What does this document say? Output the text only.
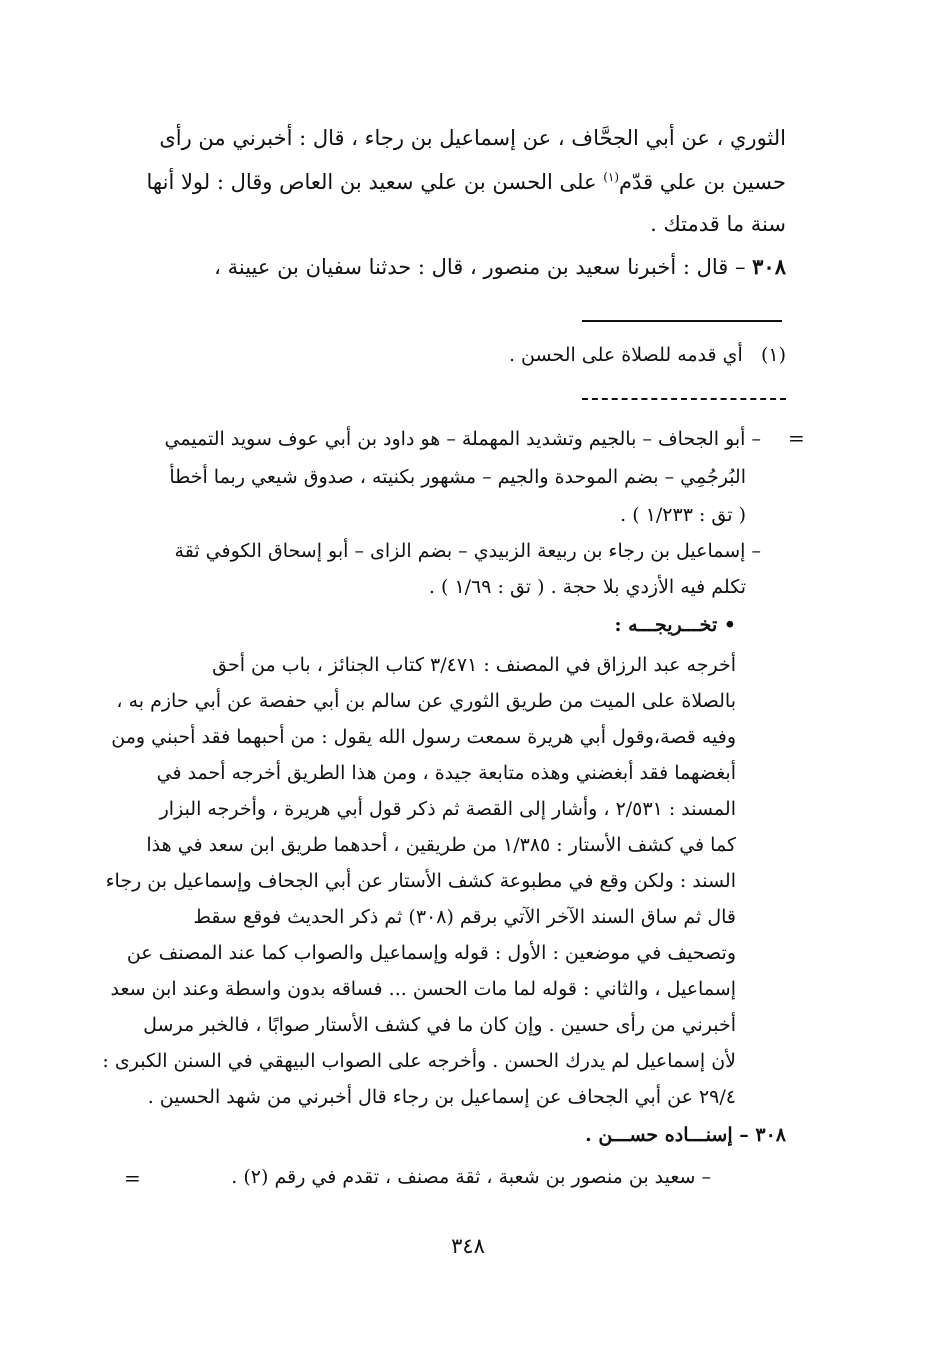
الثوري ، عن أبي الجحَّاف ، عن إسماعيل بن رجاء ، قال : أخبرني من رأى

حسين بن علي قدّم$^{(١)}$ على الحسن بن علي سعيد بن العاص وقال : لولا أنها

سنة ما قدمتك .

٣٠٨ – قال : أخبرنا سعيد بن منصور ، قال : حدثنا سفيان بن عيينة ،

(١)   أي قدمه للصلاة على الحسن .

=

– أبو الجحاف – بالجيم وتشديد المهملة – هو داود بن أبي عوف سويد التميمي

البُرجُمِي – بضم الموحدة والجيم – مشهور بكنيته ، صدوق شيعي ربما أخطأ

( تق : ١/٢٣٣ ) .

– إسماعيل بن رجاء بن ربيعة الزبيدي – بضم الزاى – أبو إسحاق الكوفي ثقة

تكلم فيه الأزدي بلا حجة . ( تق : ١/٦٩ ) .

• تخـــريجـــه :

أخرجه عبد الرزاق في المصنف : ٣/٤٧١ كتاب الجنائز ، باب من أحق

بالصلاة على الميت من طريق الثوري عن سالم بن أبي حفصة عن أبي حازم به ،

وفيه قصة،وقول أبي هريرة سمعت رسول الله يقول : من أحبهما فقد أحبني ومن

أبغضهما فقد أبغضني وهذه متابعة جيدة ، ومن هذا الطريق أخرجه أحمد في

المسند : ٢/٥٣١ ، وأشار إلى القصة ثم ذكر قول أبي هريرة ، وأخرجه البزار

كما في كشف الأستار : ١/٣٨٥ من طريقين ، أحدهما طريق ابن سعد في هذا

السند : ولكن وقع في مطبوعة كشف الأستار عن أبي الجحاف وإسماعيل بن رجاء

قال ثم ساق السند الآخر الآتي برقم (٣٠٨) ثم ذكر الحديث فوقع سقط

وتصحيف في موضعين : الأول : قوله وإسماعيل والصواب كما عند المصنف عن

إسماعيل ، والثاني : قوله لما مات الحسن ... فساقه بدون واسطة وعند ابن سعد

أخبرني من رأى حسين . وإن كان ما في كشف الأستار صوابًا ، فالخبر مرسل

لأن إسماعيل لم يدرك الحسن . وأخرجه على الصواب البيهقي في السنن الكبرى :

٢٩/٤ عن أبي الجحاف عن إسماعيل بن رجاء قال أخبرني من شهد الحسين .

٣٠٨ – إسنـــاده حســـن .

– سعيد بن منصور بن شعبة ، ثقة مصنف ، تقدم في رقم (٢) .

=
٣٤٨
